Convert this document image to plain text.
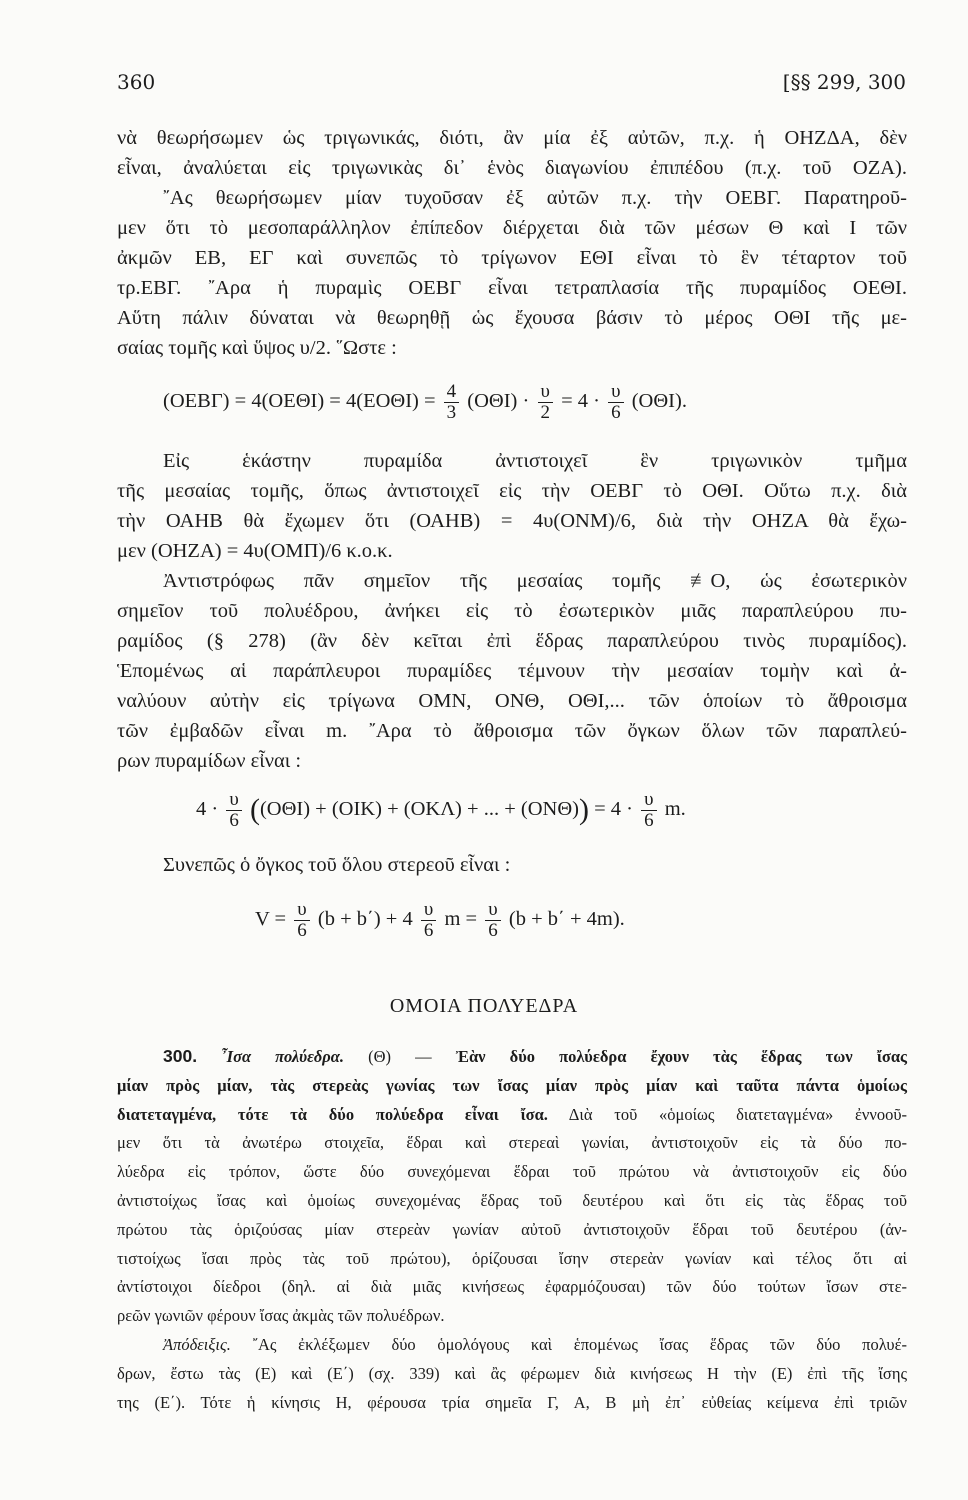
360	[§§ 299, 300
νὰ θεωρήσωμεν ὡς τριγωνικάς, διότι, ἂν μία ἐξ αὐτῶν, π.χ. ἡ ΟΗΖΔΑ, δὲν
εἶναι, ἀναλύεται εἰς τριγωνικὰς δι᾿ ἑνὸς διαγωνίου ἐπιπέδου (π.χ. τοῦ ΟΖΑ).
῎Ας θεωρήσωμεν μίαν τυχοῦσαν ἐξ αὐτῶν π.χ. τὴν ΟΕΒΓ. Παρατηροῦ-
μεν ὅτι τὸ μεσοπαράλληλον ἐπίπεδον διέρχεται διὰ τῶν μέσων Θ καὶ Ι τῶν
ἀκμῶν ΕΒ, ΕΓ καὶ συνεπῶς τὸ τρίγωνον ΕΘΙ εἶναι τὸ ἓν τέταρτον τοῦ
τρ.ΕΒΓ. ῎Αρα ἡ πυραμὶς ΟΕΒΓ εἶναι τετραπλασία τῆς πυραμίδος ΟΕΘΙ.
Αὕτη πάλιν δύναται νὰ θεωρηθῇ ὡς ἔχουσα βάσιν τὸ μέρος ΟΘΙ τῆς με-
σαίας τομῆς καὶ ὕψος υ/2. ῞Ωστε :
$(OEB\Gamma) = 4(OE\Theta I) = 4(EO\Theta I) = \frac{4}{3} (O\Theta I) \cdot \frac{\upsilon}{2} = 4 \cdot \frac{\upsilon}{6} (O\Theta I)$.
Εἰς ἑκάστην πυραμίδα ἀντιστοιχεῖ ἓν τριγωνικὸν τμῆμα
τῆς μεσαίας τομῆς, ὅπως ἀντιστοιχεῖ εἰς τὴν ΟΕΒΓ τὸ ΟΘΙ. Οὕτω π.χ. διὰ
τὴν ΟΑΗΒ θὰ ἔχωμεν ὅτι (ΟΑΗΒ) = 4υ(ΟΝΜ)/6, διὰ τὴν ΟΗΖΑ θὰ ἔχω-
μεν (ΟΗΖΑ) = 4υ(ΟΜΠ)/6 κ.ο.κ.
Ἀντιστρόφως πᾶν σημεῖον τῆς μεσαίας τομῆς ≢Ο, ὡς ἐσωτερικὸν
σημεῖον τοῦ πολυέδρου, ἀνήκει εἰς τὸ ἐσωτερικὸν μιᾶς παραπλεύρου πυ-
ραμίδος (§ 278) (ἂν δὲν κεῖται ἐπὶ ἕδρας παραπλεύρου τινὸς πυραμίδος).
Ἑπομένως αἱ παράπλευροι πυραμίδες τέμνουν τὴν μεσαίαν τομὴν καὶ ἀ-
ναλύουν αὐτὴν εἰς τρίγωνα ΟΜΝ, ΟΝΘ, ΟΘΙ,... τῶν ὁποίων τὸ ἄθροισμα
τῶν ἐμβαδῶν εἶναι m. ῎Αρα τὸ ἄθροισμα τῶν ὄγκων ὅλων τῶν παραπλεύ-
ρων πυραμίδων εἶναι :
$4 \cdot \frac{\upsilon}{6} ((O\Theta I) + (OIK) + (OK\Lambda)$ + ... + $(ON\Theta)) = 4 \cdot \frac{\upsilon}{6} m$.
Συνεπῶς ὁ ὄγκος τοῦ ὅλου στερεοῦ εἶναι :
$V = \frac{\upsilon}{6} (b + b΄) + 4 \frac{\upsilon}{6}$ $m = \frac{\upsilon}{6} (b + b΄ + 4m)$.
ΟΜΟΙΑ ΠΟΛΥΕΔΡΑ
300. ῏Ισα πολύεδρα. (Θ) — Ἐὰν δύο πολύεδρα ἔχουν τὰς ἕδρας των ἴσας
μίαν πρὸς μίαν, τὰς στερεὰς γωνίας των ἴσας μίαν πρὸς μίαν καὶ ταῦτα πάντα ὁμοίως
διατεταγμένα, τότε τὰ δύο πολύεδρα εἶναι ἴσα. Διὰ τοῦ «ὁμοίως διατεταγμένα» ἐννοοῦ-
μεν ὅτι τὰ ἀνωτέρω στοιχεῖα, ἕδραι καὶ στερεαὶ γωνίαι, ἀντιστοιχοῦν εἰς τὰ δύο πο-
λύεδρα εἰς τρόπον, ὥστε δύο συνεχόμεναι ἕδραι τοῦ πρώτου νὰ ἀντιστοιχοῦν εἰς δύο
ἀντιστοίχως ἴσας καὶ ὁμοίως συνεχομένας ἕδρας τοῦ δευτέρου καὶ ὅτι εἰς τὰς ἕδρας τοῦ
πρώτου τὰς ὁριζούσας μίαν στερεὰν γωνίαν αὐτοῦ ἀντιστοιχοῦν ἕδραι τοῦ δευτέρου (ἀν-
τιστοίχως ἴσαι πρὸς τὰς τοῦ πρώτου), ὁρίζουσαι ἴσην στερεὰν γωνίαν καὶ τέλος ὅτι αἱ
ἀντίστοιχοι δίεδροι (δηλ. αἱ διὰ μιᾶς κινήσεως ἐφαρμόζουσαι) τῶν δύο τούτων ἴσων στε-
ρεῶν γωνιῶν φέρουν ἴσας ἀκμὰς τῶν πολυέδρων.
Ἀπόδειξις. ῎Ας ἐκλέξωμεν δύο ὁμολόγους καὶ ἑπομένως ἴσας ἕδρας τῶν δύο πολυέ-
δρων, ἔστω τὰς (Ε) καὶ (Ε΄) (σχ. 339) καὶ ἂς φέρωμεν διὰ κινήσεως Η τὴν (Ε) ἐπὶ τῆς ἴσης
της (Ε΄). Τότε ἡ κίνησις Η, φέρουσα τρία σημεῖα Γ, Α, Β μὴ ἐπ᾿ εὐθείας κείμενα ἐπὶ τριῶν
